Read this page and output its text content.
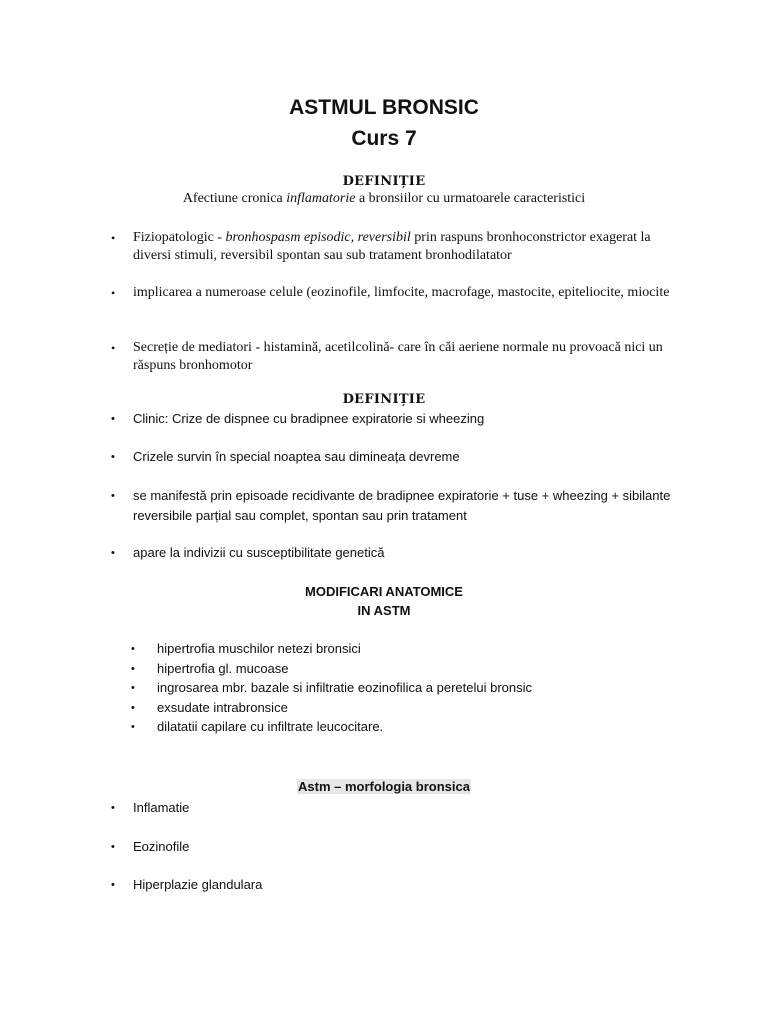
ASTMUL BRONSIC
Curs 7
DEFINIȚIE
Afectiune cronica inflamatorie a bronsiilor cu urmatoarele caracteristici
•	Fiziopatologic - bronhospasm episodic, reversibil prin raspuns bronhoconstrictor exagerat la diversi stimuli, reversibil spontan sau sub tratament bronhodilatator
•	implicarea a numeroase celule (eozinofile, limfocite, macrofage, mastocite, epiteliocite, miocite
•	Secreție de mediatori - histamină, acetilcolină- care în căi aeriene normale nu provoacă nici un răspuns bronhomotor
DEFINIȚIE
•	Clinic: Crize de dispnee cu bradipnee expiratorie si wheezing
•	Crizele survin în special noaptea sau dimineața devreme
•	se manifestă prin episoade recidivante de bradipnee expiratorie + tuse + wheezing + sibilante reversibile parțial sau complet, spontan sau prin tratament
•	apare la indivizii cu susceptibilitate genetică
MODIFICARI ANATOMICE
IN ASTM
•	hipertrofia muschilor netezi bronsici
•	hipertrofia gl. mucoase
•	ingrosarea mbr. bazale si infiltratie eozinofilica a peretelui bronsic
•	exsudate intrabronsice
•	dilatatii capilare cu infiltrate leucocitare.
Astm – morfologia bronsica
•	Inflamatie
•	Eozinofile
•	Hiperplazie glandulara
